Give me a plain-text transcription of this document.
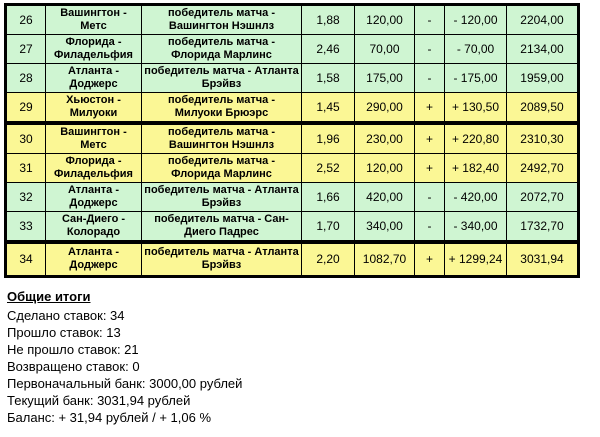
26	Вашингтон - Метс	победитель матча - Вашингтон Нэшнлз	1,88	120,00	-	- 120,00	2204,00
27	Флорида - Филадельфия	победитель матча - Флорида Марлинс	2,46	70,00	-	- 70,00	2134,00
28	Атланта - Доджерс	победитель матча - Атланта Брэйвз	1,58	175,00	-	- 175,00	1959,00
29	Хьюстон - Милуоки	победитель матча - Милуоки Брюэрс	1,45	290,00	+	+ 130,50	2089,50
30	Вашингтон - Метс	победитель матча - Вашингтон Нэшнлз	1,96	230,00	+	+ 220,80	2310,30
31	Флорида - Филадельфия	победитель матча - Флорида Марлинс	2,52	120,00	+	+ 182,40	2492,70
32	Атланта - Доджерс	победитель матча - Атланта Брэйвз	1,66	420,00	-	- 420,00	2072,70
33	Сан-Диего - Колорадо	победитель матча - Сан-Диего Падрес	1,70	340,00	-	- 340,00	1732,70
34	Атланта - Доджерс	победитель матча - Атланта Брэйвз	2,20	1082,70	+	+ 1299,24	3031,94
Общие итоги
Сделано ставок: 34
Прошло ставок: 13
Не прошло ставок: 21
Возвращено ставок: 0
Первоначальный банк: 3000,00 рублей
Текущий банк: 3031,94 рублей
Баланс: + 31,94 рублей / + 1,06 %
